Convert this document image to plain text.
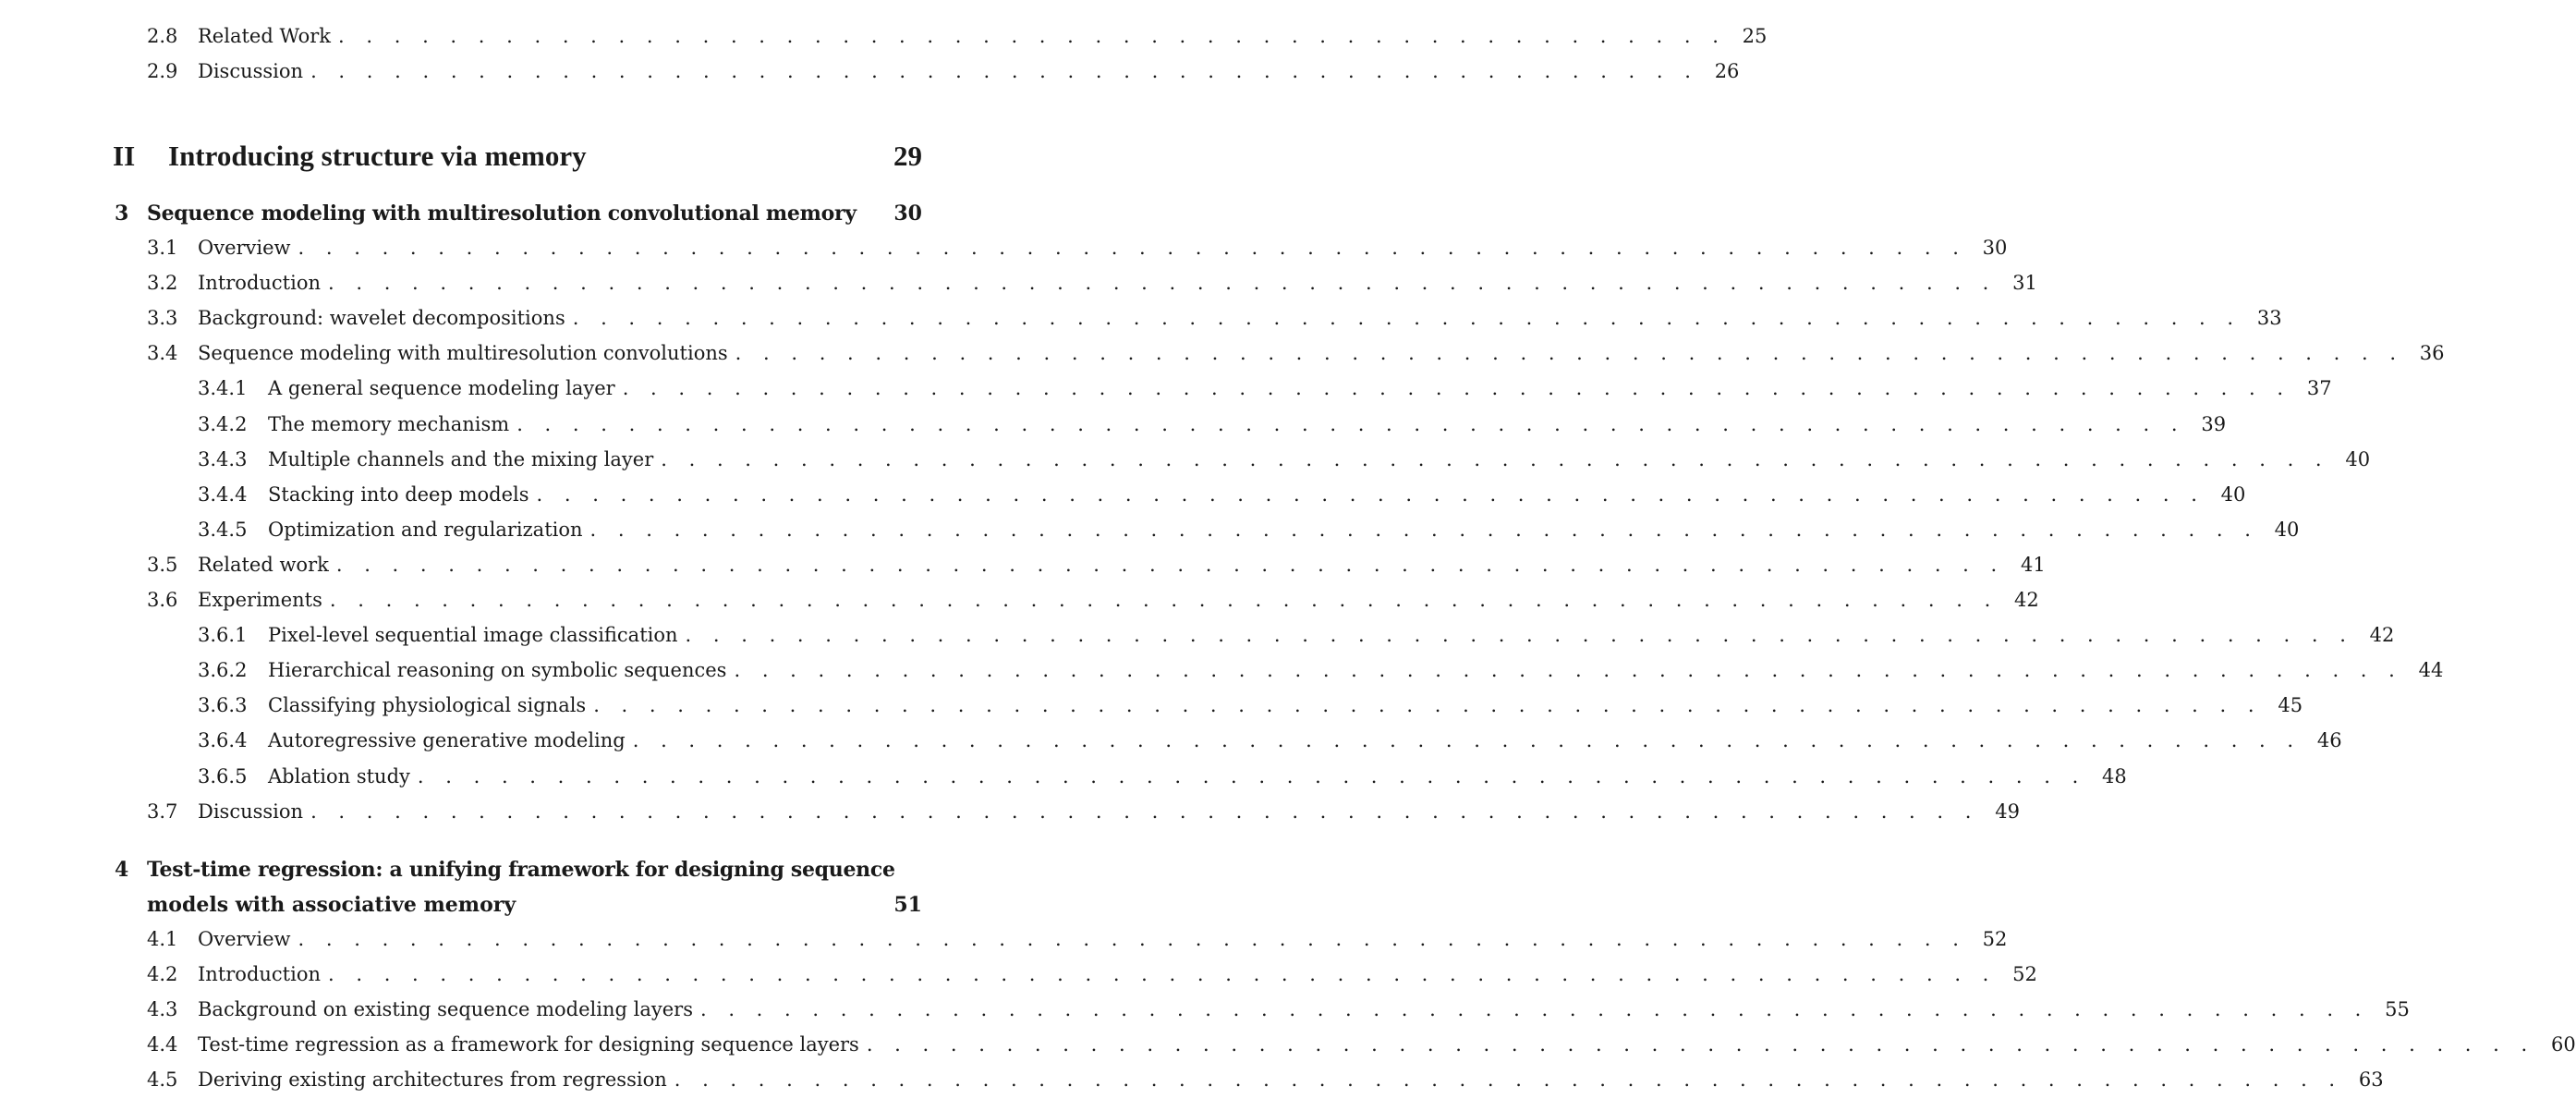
2.8	Related Work . . . . . . . . . . . . . . . . . . . . . . . . . . . . . . . . . . . . . . . . . . . . . . . . . . 25
2.9	Discussion . . . . . . . . . . . . . . . . . . . . . . . . . . . . . . . . . . . . . . . . . . . . . . . . . . 26
II	Introducing structure via memory	29
3 Sequence modeling with multiresolution convolutional memory	30
3.1	Overview . . . . . . . . . . . . . . . . . . . . . . . . . . . . . . . . . . . . . . . . . . . . . . . . . . . . . . . . . . . . 30
3.2	Introduction . . . . . . . . . . . . . . . . . . . . . . . . . . . . . . . . . . . . . . . . . . . . . . . . . . . . . . . . . . . . 31
3.3	Background: wavelet decompositions . . . . . . . . . . . . . . . . . . . . . . . . . . . . . . . . . . . . . . . . . . . . . . . . . . . . . . . . . . . . 33
3.4	Sequence modeling with multiresolution convolutions . . . . . . . . . . . . . . . . . . . . . . . . . . . . . . . . . . . . . . . . . . . . . . . . . . . . . . . . . . . . 36
3.4.1	A general sequence modeling layer . . . . . . . . . . . . . . . . . . . . . . . . . . . . . . . . . . . . . . . . . . . . . . . . . . . . . . . . . . . . 37
3.4.2	The memory mechanism . . . . . . . . . . . . . . . . . . . . . . . . . . . . . . . . . . . . . . . . . . . . . . . . . . . . . . . . . . . . 39
3.4.3	Multiple channels and the mixing layer . . . . . . . . . . . . . . . . . . . . . . . . . . . . . . . . . . . . . . . . . . . . . . . . . . . . . . . . . . . . 40
3.4.4	Stacking into deep models . . . . . . . . . . . . . . . . . . . . . . . . . . . . . . . . . . . . . . . . . . . . . . . . . . . . . . . . . . . . 40
3.4.5	Optimization and regularization . . . . . . . . . . . . . . . . . . . . . . . . . . . . . . . . . . . . . . . . . . . . . . . . . . . . . . . . . . . . 40
3.5	Related work . . . . . . . . . . . . . . . . . . . . . . . . . . . . . . . . . . . . . . . . . . . . . . . . . . . . . . . . . . . . 41
3.6	Experiments . . . . . . . . . . . . . . . . . . . . . . . . . . . . . . . . . . . . . . . . . . . . . . . . . . . . . . . . . . . . 42
3.6.1	Pixel-level sequential image classification . . . . . . . . . . . . . . . . . . . . . . . . . . . . . . . . . . . . . . . . . . . . . . . . . . . . . . . . . . . . 42
3.6.2	Hierarchical reasoning on symbolic sequences . . . . . . . . . . . . . . . . . . . . . . . . . . . . . . . . . . . . . . . . . . . . . . . . . . . . . . . . . . . . 44
3.6.3	Classifying physiological signals . . . . . . . . . . . . . . . . . . . . . . . . . . . . . . . . . . . . . . . . . . . . . . . . . . . . . . . . . . . . 45
3.6.4	Autoregressive generative modeling . . . . . . . . . . . . . . . . . . . . . . . . . . . . . . . . . . . . . . . . . . . . . . . . . . . . . . . . . . . . 46
3.6.5	Ablation study . . . . . . . . . . . . . . . . . . . . . . . . . . . . . . . . . . . . . . . . . . . . . . . . . . . . . . . . . . . . 48
3.7	Discussion . . . . . . . . . . . . . . . . . . . . . . . . . . . . . . . . . . . . . . . . . . . . . . . . . . . . . . . . . . . . 49
4 Test-time regression: a unifying framework for designing sequence
models with associative memory	51
4.1	Overview . . . . . . . . . . . . . . . . . . . . . . . . . . . . . . . . . . . . . . . . . . . . . . . . . . . . . . . . . . . . 52
4.2	Introduction . . . . . . . . . . . . . . . . . . . . . . . . . . . . . . . . . . . . . . . . . . . . . . . . . . . . . . . . . . . . 52
4.3	Background on existing sequence modeling layers . . . . . . . . . . . . . . . . . . . . . . . . . . . . . . . . . . . . . . . . . . . . . . . . . . . . . . . . . . . . 55
4.4	Test-time regression as a framework for designing sequence layers . . . . . . . . . . . . . . . . . . . . . . . . . . . . . . . . . . . . . . . . . . . . . . . . . . . . . . . . . . . . 60
4.5	Deriving existing architectures from regression . . . . . . . . . . . . . . . . . . . . . . . . . . . . . . . . . . . . . . . . . . . . . . . . . . . . . . . . . . . . 63
